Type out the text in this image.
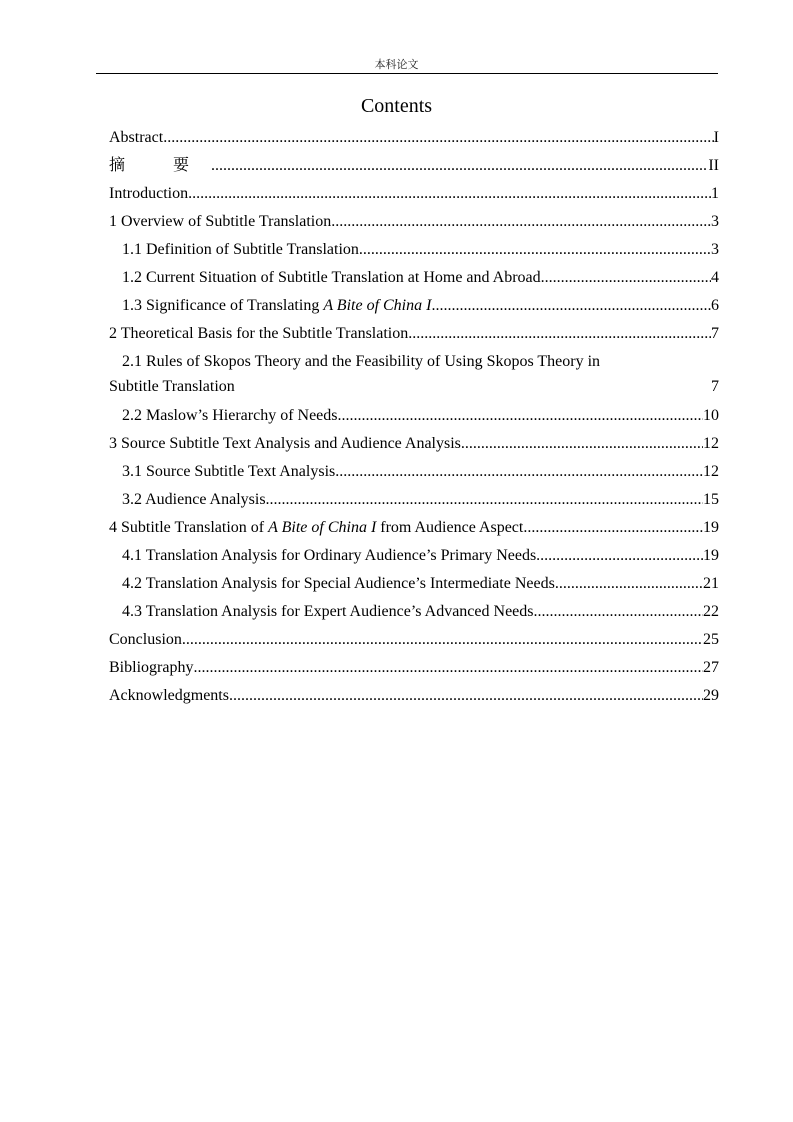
本科论文
Contents
Abstract .....	I
摘 要 .....	II
Introduction .....	1
1 Overview of Subtitle Translation .....	3
1.1 Definition of Subtitle Translation .....	3
1.2 Current Situation of Subtitle Translation at Home and Abroad .....	4
1.3 Significance of Translating A Bite of China I .....	6
2 Theoretical Basis for the Subtitle Translation .....	7
2.1 Rules of Skopos Theory and the Feasibility of Using Skopos Theory in
Subtitle Translation	7
2.2 Maslow’s Hierarchy of Needs .....	10
3 Source Subtitle Text Analysis and Audience Analysis .....	12
3.1 Source Subtitle Text Analysis .....	12
3.2 Audience Analysis .....	15
4 Subtitle Translation of A Bite of China I from Audience Aspect .....	19
4.1 Translation Analysis for Ordinary Audience’s Primary Needs .....	19
4.2 Translation Analysis for Special Audience’s Intermediate Needs .....	21
4.3 Translation Analysis for Expert Audience’s Advanced Needs .....	22
Conclusion .....	25
Bibliography .....	27
Acknowledgments .....	29
